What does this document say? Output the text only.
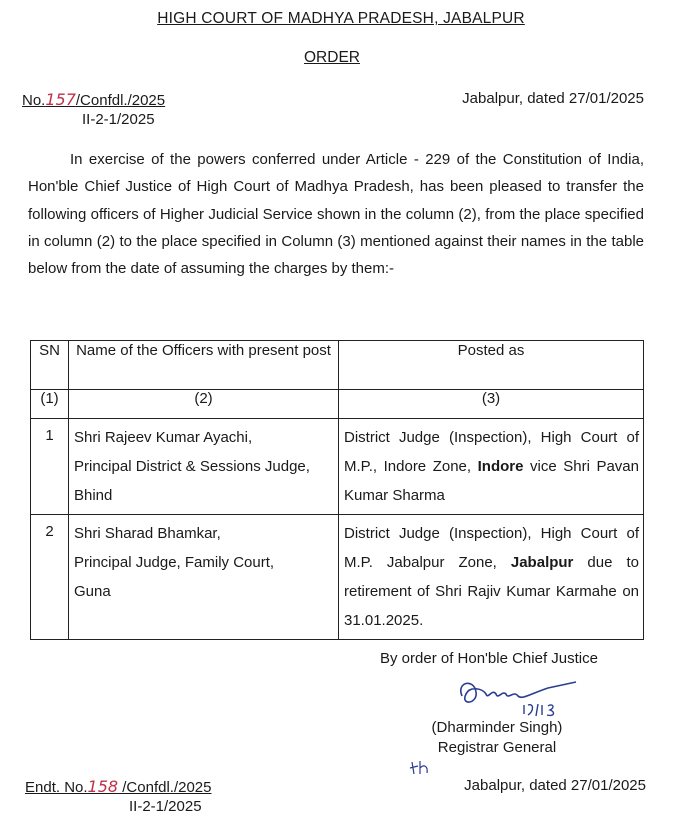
HIGH COURT OF MADHYA PRADESH, JABALPUR
ORDER
No.157/Confdl./2025
II-2-1/2025
Jabalpur, dated 27/01/2025

In exercise of the powers conferred under Article - 229 of the Constitution of India, Hon'ble Chief Justice of High Court of Madhya Pradesh, has been pleased to transfer the following officers of Higher Judicial Service shown in the column (2), from the place specified in column (2) to the place specified in Column (3) mentioned against their names in the table below from the date of assuming the charges by them:-

SN	Name of the Officers with present post	Posted as
(1)	(2)	(3)
1	Shri Rajeev Kumar Ayachi,
Principal District & Sessions Judge,
Bhind	District Judge (Inspection), High Court of M.P., Indore Zone, Indore vice Shri Pavan Kumar Sharma
2	Shri Sharad Bhamkar,
Principal Judge, Family Court,
Guna	District Judge (Inspection), High Court of M.P. Jabalpur Zone, Jabalpur due to retirement of Shri Rajiv Kumar Karmahe on 31.01.2025.
By order of Hon'ble Chief Justice
(Dharminder Singh)
Registrar General
Endt. No.158 /Confdl./2025
II-2-1/2025
Jabalpur, dated 27/01/2025
